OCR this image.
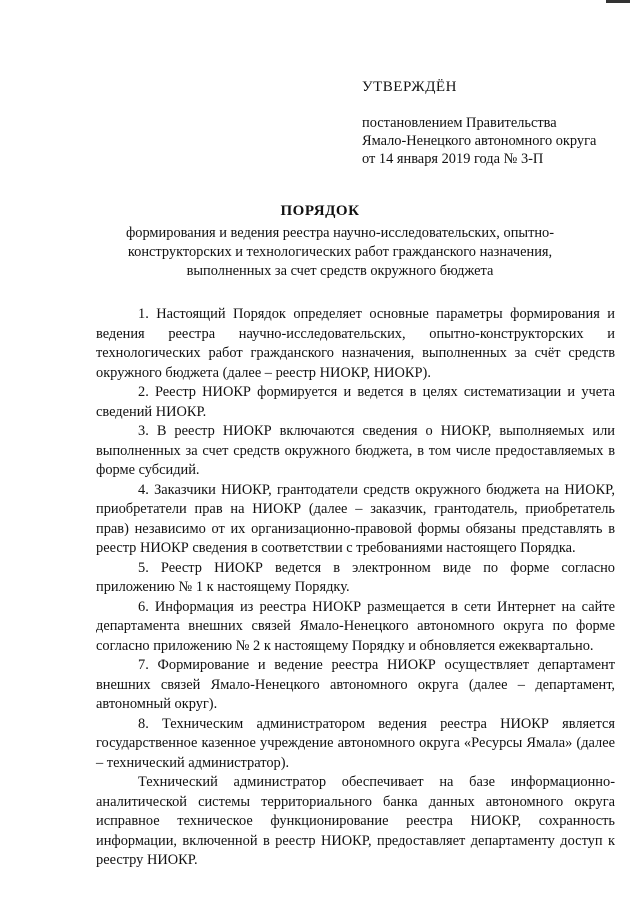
УТВЕРЖДЁН
постановлением Правительства
Ямало-Ненецкого автономного округа
от 14 января 2019 года № 3-П
ПОРЯДОК
формирования и ведения реестра научно-исследовательских, опытно-конструкторских и технологических работ гражданского назначения, выполненных за счет средств окружного бюджета

1. Настоящий Порядок определяет основные параметры формирования и ведения реестра научно-исследовательских, опытно-конструкторских и технологических работ гражданского назначения, выполненных за счёт средств окружного бюджета (далее – реестр НИОКР, НИОКР).

2. Реестр НИОКР формируется и ведется в целях систематизации и учета сведений НИОКР.

3. В реестр НИОКР включаются сведения о НИОКР, выполняемых или выполненных за счет средств окружного бюджета, в том числе предоставляемых в форме субсидий.

4. Заказчики НИОКР, грантодатели средств окружного бюджета на НИОКР, приобретатели прав на НИОКР (далее – заказчик, грантодатель, приобретатель прав) независимо от их организационно-правовой формы обязаны представлять в реестр НИОКР сведения в соответствии с требованиями настоящего Порядка.

5. Реестр НИОКР ведется в электронном виде по форме согласно приложению № 1 к настоящему Порядку.

6. Информация из реестра НИОКР размещается в сети Интернет на сайте департамента внешних связей Ямало-Ненецкого автономного округа по форме согласно приложению № 2 к настоящему Порядку и обновляется ежеквартально.

7. Формирование и ведение реестра НИОКР осуществляет департамент внешних связей Ямало-Ненецкого автономного округа (далее – департамент, автономный округ).

8. Техническим администратором ведения реестра НИОКР является государственное казенное учреждение автономного округа «Ресурсы Ямала» (далее – технический администратор).

Технический администратор обеспечивает на базе информационно-аналитической системы территориального банка данных автономного округа исправное техническое функционирование реестра НИОКР, сохранность информации, включенной в реестр НИОКР, предоставляет департаменту доступ к реестру НИОКР.
